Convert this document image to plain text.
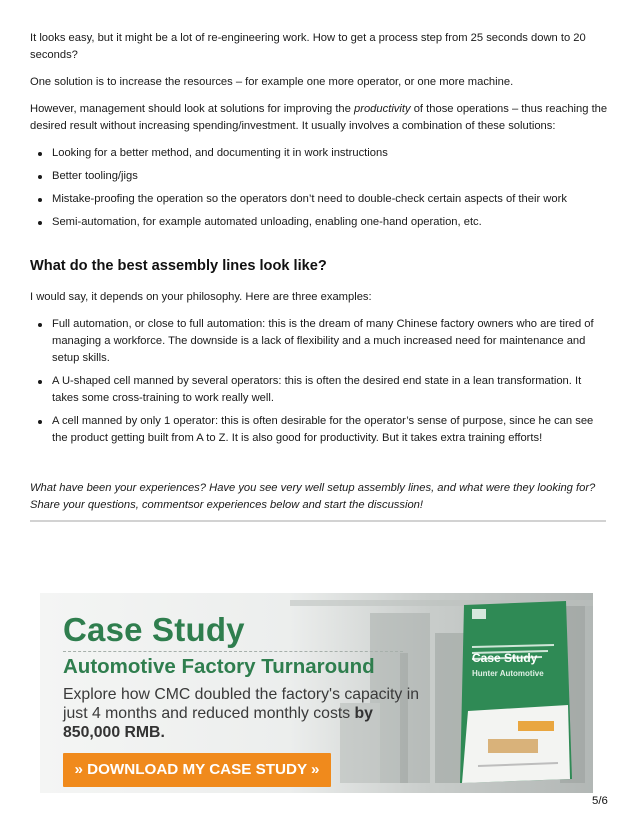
It looks easy, but it might be a lot of re-engineering work. How to get a process step from 25 seconds down to 20 seconds?

One solution is to increase the resources – for example one more operator, or one more machine.

However, management should look at solutions for improving the productivity of those operations – thus reaching the desired result without increasing spending/investment. It usually involves a combination of these solutions:

Looking for a better method, and documenting it in work instructions
Better tooling/jigs
Mistake-proofing the operation so the operators don’t need to double-check certain aspects of their work
Semi-automation, for example automated unloading, enabling one-hand operation, etc.
What do the best assembly lines look like?

I would say, it depends on your philosophy. Here are three examples:

Full automation, or close to full automation: this is the dream of many Chinese factory owners who are tired of managing a workforce. The downside is a lack of flexibility and a much increased need for maintenance and setup skills.
A U-shaped cell manned by several operators: this is often the desired end state in a lean transformation. It takes some cross-training to work really well.
A cell manned by only 1 operator: this is often desirable for the operator’s sense of purpose, since he can see the product getting built from A to Z. It is also good for productivity. But it takes extra training efforts!

What have been your experiences? Have you see very well setup assembly lines, and what were they looking for? Share your questions, commentsor experiences below and start the discussion!

Case Study
Automotive Factory Turnaround
Explore how CMC doubled the factory's capacity in just 4 months and reduced monthly costs by 850,000 RMB.
» DOWNLOAD MY CASE STUDY »
Case Study
Hunter Automotive
5/6
